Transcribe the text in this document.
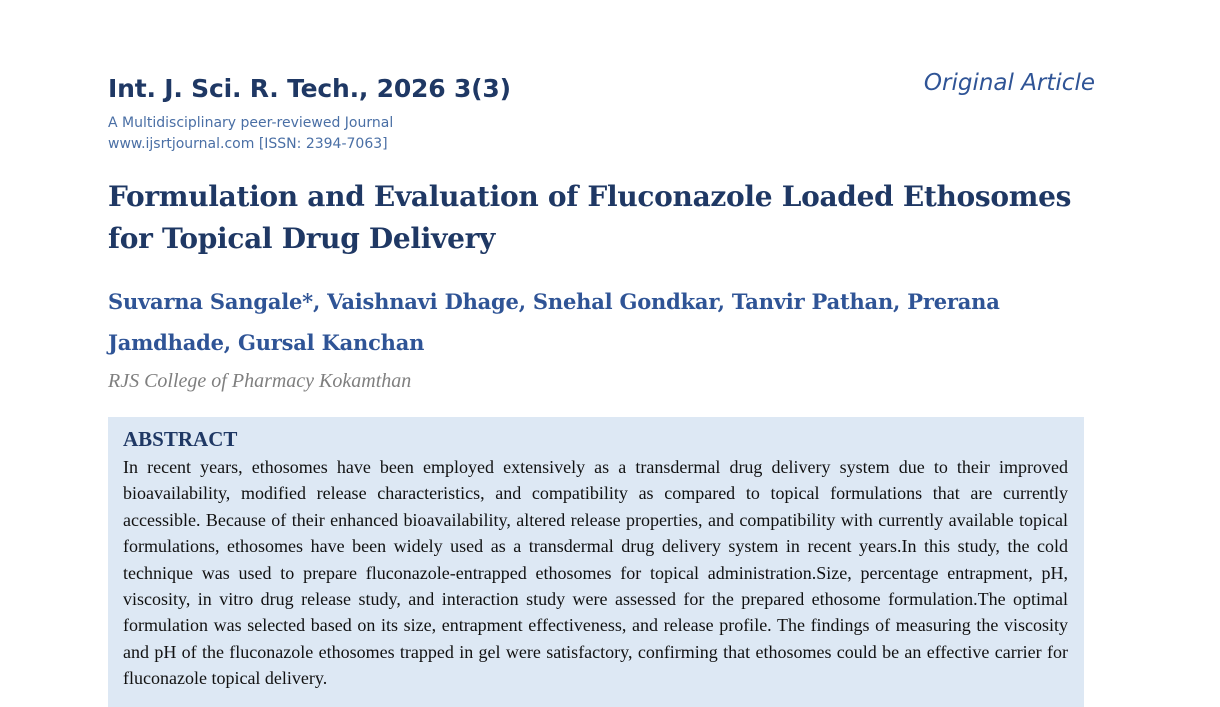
Int. J. Sci. R. Tech., 2026 3(3)	Original Article
A Multidisciplinary peer-reviewed Journal
www.ijsrtjournal.com [ISSN: 2394-7063]
Formulation and Evaluation of Fluconazole Loaded Ethosomes for Topical Drug Delivery
Suvarna Sangale*, Vaishnavi Dhage, Snehal Gondkar, Tanvir Pathan, Prerana Jamdhade, Gursal Kanchan
RJS College of Pharmacy Kokamthan
ABSTRACT
In recent years, ethosomes have been employed extensively as a transdermal drug delivery system due to their improved bioavailability, modified release characteristics, and compatibility as compared to topical formulations that are currently accessible. Because of their enhanced bioavailability, altered release properties, and compatibility with currently available topical formulations, ethosomes have been widely used as a transdermal drug delivery system in recent years.In this study, the cold technique was used to prepare fluconazole-entrapped ethosomes for topical administration.Size, percentage entrapment, pH, viscosity, in vitro drug release study, and interaction study were assessed for the prepared ethosome formulation.The optimal formulation was selected based on its size, entrapment effectiveness, and release profile. The findings of measuring the viscosity and pH of the fluconazole ethosomes trapped in gel were satisfactory, confirming that ethosomes could be an effective carrier for fluconazole topical delivery.
